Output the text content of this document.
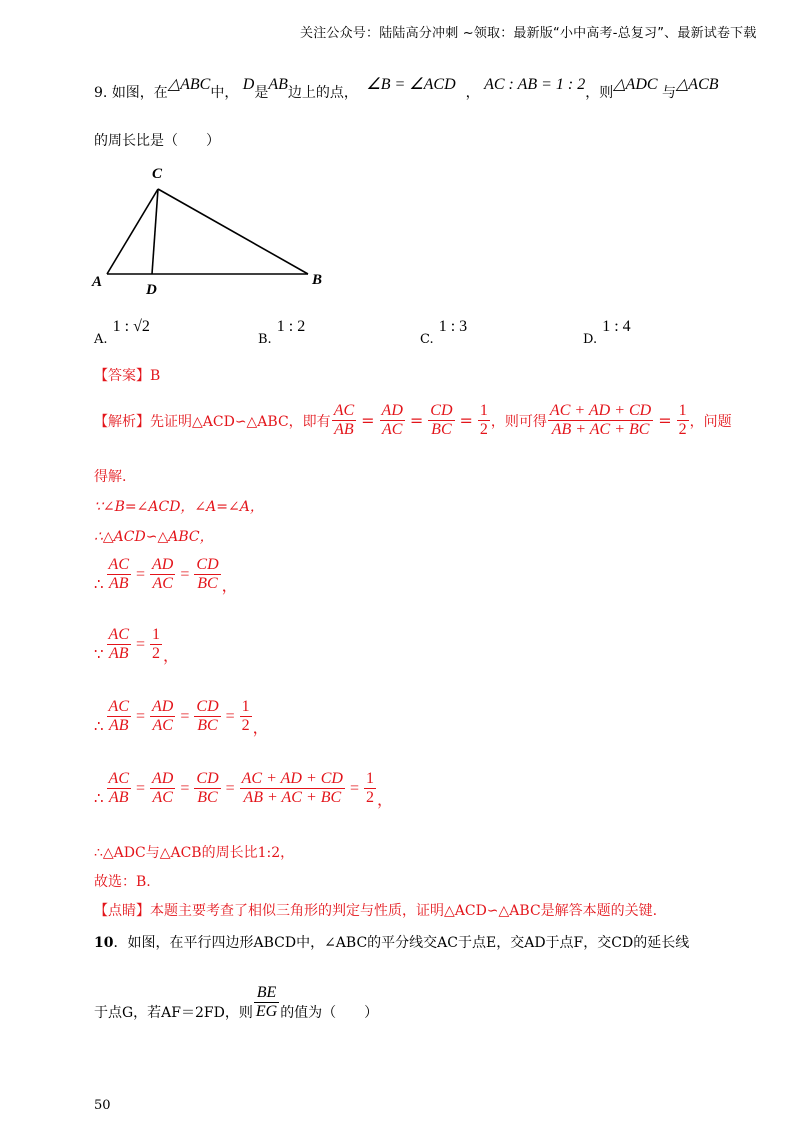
关注公众号：陆陆高分冲刺 ~领取：最新版“小中高考-总复习”、最新试卷下载
9. 如图，在△ABC中， D是AB边上的点， ∠B = ∠ACD ， AC : AB = 1 : 2，则△ADC 与△ACB
的周长比是（　　）
C
A	D
B
$_{A.}$ 1 : √2
$_{B.}$ 1 : 2
$_{C.}$ 1 : 3
$_{D.}$ 1 : 4
【答案】B
【解析】 先证明△ACD∽△ABC，即有 $\frac{AC}{AB} = \frac{AD}{AC} = \frac{CD}{BC} = \frac{1}{2}$ ，则可得 $\frac{AC + AD + CD}{AB + AC + BC} = \frac{1}{2}$ ，问题
得解.
∵∠B=∠ACD，∠A=∠A，
∴△ACD∽△ABC，
∴ $\frac{AC}{AB} = \frac{AD}{AC} = \frac{CD}{BC}$ ，
∵ $\frac{AC}{AB} = \frac{1}{2}$ ，
∴ $\frac{AC}{AB} = \frac{AD}{AC} = \frac{CD}{BC} = \frac{1}{2}$ ，
∴ $\frac{AC}{AB} = \frac{AD}{AC} = \frac{CD}{BC} = \frac{AC + AD + CD}{AB + AC + BC} = \frac{1}{2}$ ，
∴△ADC与△ACB的周长比1:2，
故选：B.
【点睛】本题主要考查了相似三角形的判定与性质，证明△ACD∽△ABC是解答本题的关键.
10．如图，在平行四边形ABCD中，∠ABC的平分线交AC于点E，交AD于点F，交CD的延长线
于点G，若AF＝2FD，则 $\frac{BE}{EG}$ 的值为（　　）
50
